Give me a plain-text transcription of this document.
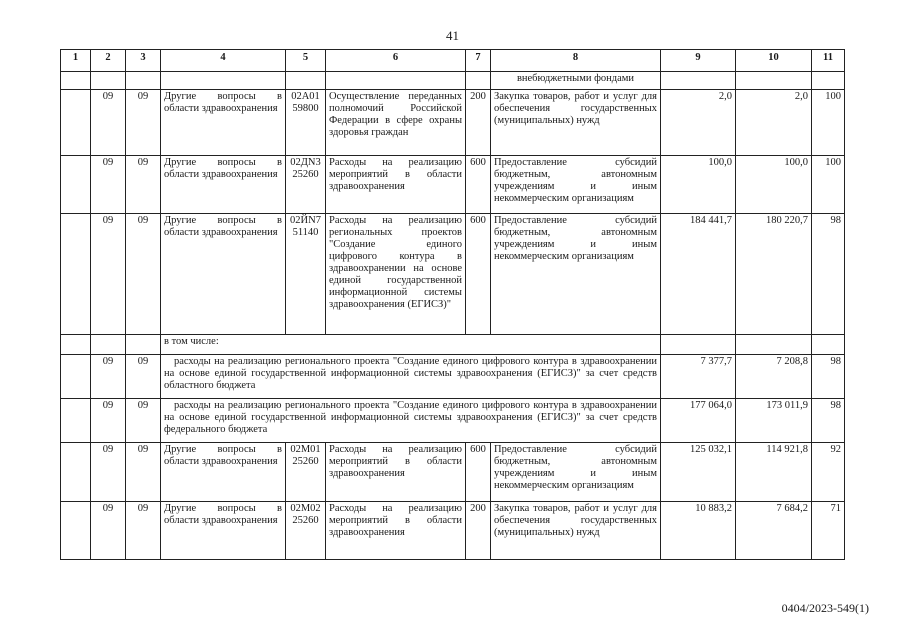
41
1	2	3	4	5	6	7	8	9	10	11
							внебюджетными фондами			
	09	09	Другие вопросы в области здравоохранения	02А01 59800	Осуществление переданных полномочий Российской Федерации в сфере охраны здоровья граждан	200	Закупка товаров, работ и услуг для обеспечения государственных (муниципальных) нужд	2,0	2,0	100
	09	09	Другие вопросы в области здравоохранения	02ДN3 25260	Расходы на реализацию мероприятий в области здравоохранения	600	Предоставление субсидий бюджетным, автономным учреждениям и иным некоммерческим организациям	100,0	100,0	100
	09	09	Другие вопросы в области здравоохранения	02ЙN7 51140	Расходы на реализацию региональных проектов "Создание единого цифрового контура в здравоохранении на основе единой государственной информационной системы здравоохранения (ЕГИСЗ)"	600	Предоставление субсидий бюджетным, автономным учреждениям и иным некоммерческим организациям	184 441,7	180 220,7	98
			в том числе:							
	09	09	расходы на реализацию регионального проекта "Создание единого цифрового контура в здравоохранении на основе единой государственной информационной системы здравоохранения (ЕГИСЗ)" за счет средств областного бюджета					7 377,7	7 208,8	98
	09	09	расходы на реализацию регионального проекта "Создание единого цифрового контура в здравоохранении на основе единой государственной информационной системы здравоохранения (ЕГИСЗ)" за счет средств федерального бюджета					177 064,0	173 011,9	98
	09	09	Другие вопросы в области здравоохранения	02М01 25260	Расходы на реализацию мероприятий в области здравоохранения	600	Предоставление субсидий бюджетным, автономным учреждениям и иным некоммерческим организациям	125 032,1	114 921,8	92
	09	09	Другие вопросы в области здравоохранения	02М02 25260	Расходы на реализацию мероприятий в области здравоохранения	200	Закупка товаров, работ и услуг для обеспечения государственных (муниципальных) нужд	10 883,2	7 684,2	71
0404/2023-549(1)
